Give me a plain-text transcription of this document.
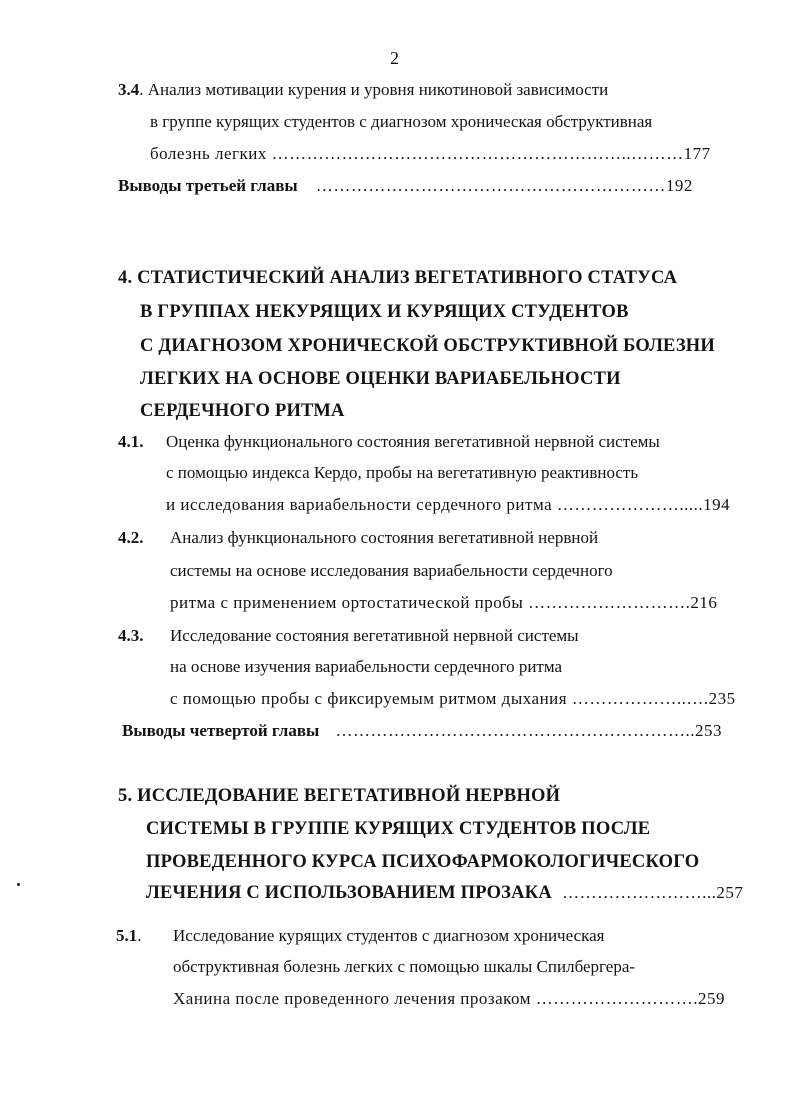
2
3.4. Анализ мотивации курения и уровня никотиновой зависимости
в группе курящих студентов с диагнозом хроническая обструктивная
болезнь легких ……………………………………………………..………177
Выводы третьей главы ……………………………………………………192
4. СТАТИСТИЧЕСКИЙ АНАЛИЗ ВЕГЕТАТИВНОГО СТАТУСА
В ГРУППАХ НЕКУРЯЩИХ И КУРЯЩИХ СТУДЕНТОВ
С ДИАГНОЗОМ ХРОНИЧЕСКОЙ ОБСТРУКТИВНОЙ БОЛЕЗНИ
ЛЕГКИХ НА ОСНОВЕ ОЦЕНКИ ВАРИАБЕЛЬНОСТИ
СЕРДЕЧНОГО РИТМА
4.1. Оценка функционального состояния вегетативной нервной системы
с помощью индекса Кердо, пробы на вегетативную реактивность
и исследования вариабельности сердечного ритма ………………….....194
4.2. Анализ функционального состояния вегетативной нервной
системы на основе исследования вариабельности сердечного
ритма с применением ортостатической пробы ……………………….216
4.3. Исследование состояния вегетативной нервной системы
на основе изучения вариабельности сердечного ритма
с помощью пробы с фиксируемым ритмом дыхания ………………..….235
Выводы четвертой главы ……………………………………………………..253
5. ИССЛЕДОВАНИЕ ВЕГЕТАТИВНОЙ НЕРВНОЙ
СИСТЕМЫ В ГРУППЕ КУРЯЩИХ СТУДЕНТОВ ПОСЛЕ
ПРОВЕДЕННОГО КУРСА ПСИХОФАРМОКОЛОГИЧЕСКОГО
ЛЕЧЕНИЯ С ИСПОЛЬЗОВАНИЕМ ПРОЗАКА ……………………...257
5.1. Исследование курящих студентов с диагнозом хроническая
обструктивная болезнь легких с помощью шкалы Спилбергера-
Ханина после проведенного лечения прозаком ……………………….259
